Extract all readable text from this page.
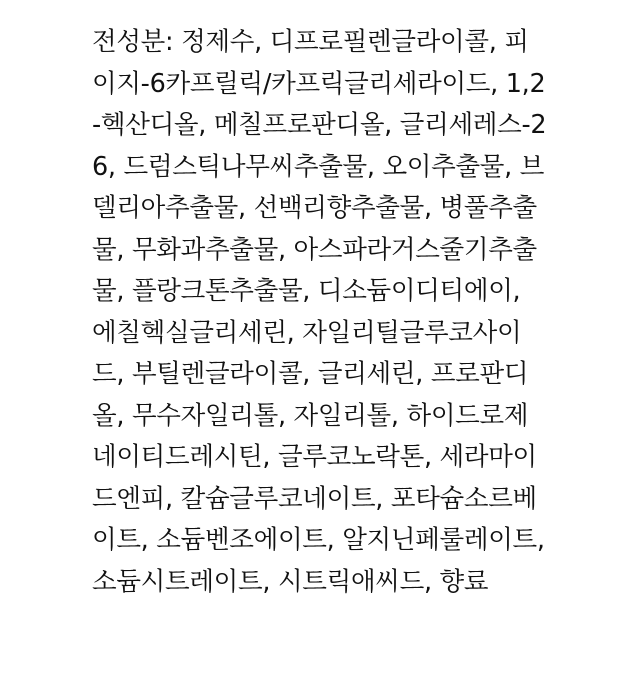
전성분: 정제수, 디프로필렌글라이콜, 피이지-6카프릴릭/카프릭글리세라이드, 1,2-헥산디올, 메칠프로판디올, 글리세레스-26, 드럼스틱나무씨추출물, 오이추출물, 브델리아추출물, 선백리향추출물, 병풀추출물, 무화과추출물, 아스파라거스줄기추출물, 플랑크톤추출물, 디소듐이디티에이, 에칠헥실글리세린, 자일리틸글루코사이드, 부틸렌글라이콜, 글리세린, 프로판디올, 무수자일리톨, 자일리톨, 하이드로제네이티드레시틴, 글루코노락톤, 세라마이드엔피, 칼슘글루코네이트, 포타슘소르베이트, 소듐벤조에이트, 알지닌페룰레이트, 소듐시트레이트, 시트릭애씨드, 향료
